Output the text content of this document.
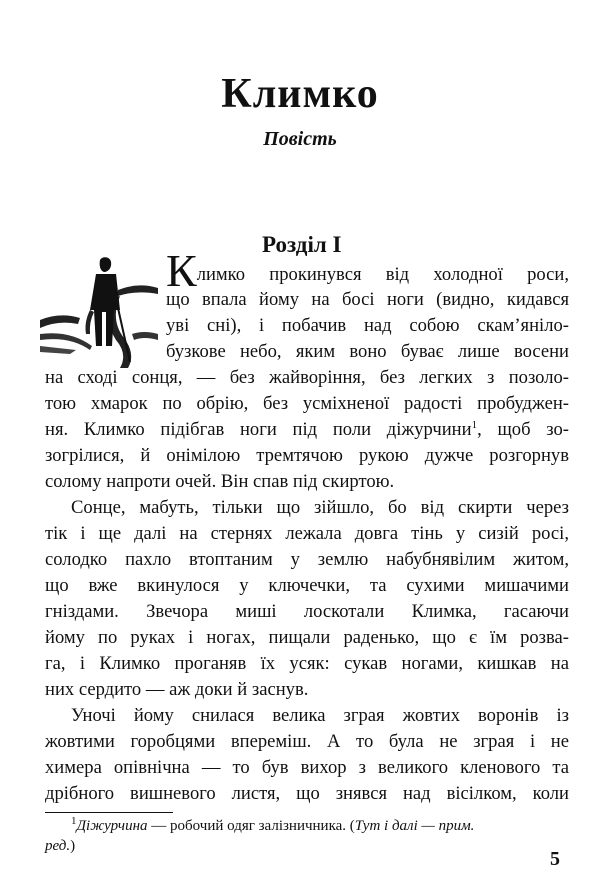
Климко
Повість
Розділ І
Климко прокинувся від холодної роси,
що впала йому на босі ноги (видно, кидався
уві сні), і побачив над собою скам’янiло-
бузкове небо, яким воно буває лише восени
на сході сонця, — без жайворіння, без легких з позоло-
тою хмарок по обрію, без усміхненої радості пробуджен-
ня. Климко підібгав ноги під поли діжурчини$^1$, щоб зо-
зогрілися, й онімілою тремтячою рукою дужче розгорнув
солому напроти очей. Він спав під скиртою.
Сонце, мабуть, тільки що зійшло, бо від скирти через
тік і ще далі на стернях лежала довга тінь у сизій росі,
солодко пахло втоптаним у землю набубнявілим житом,
що вже вкинулося у ключечки, та сухими мишачими
гніздами. Звечора миші лоскотали Климка, гасаючи
йому по руках і ногах, пищали раденько, що є їм розва-
га, і Климко проганяв їх усяк: сукав ногами, кишкав на
них сердито — аж доки й заснув.
Уночі йому снилася велика зграя жовтих воронів із
жовтими горобцями впереміш. А то була не зграя і не
химера опівнічна — то був вихор з великого кленового та
дрібного вишневого листя, що знявся над вісілком, коли
$^1$Діжурчина — робочий одяг залізничника. (Тут і далі — прим.
ред.)
5
